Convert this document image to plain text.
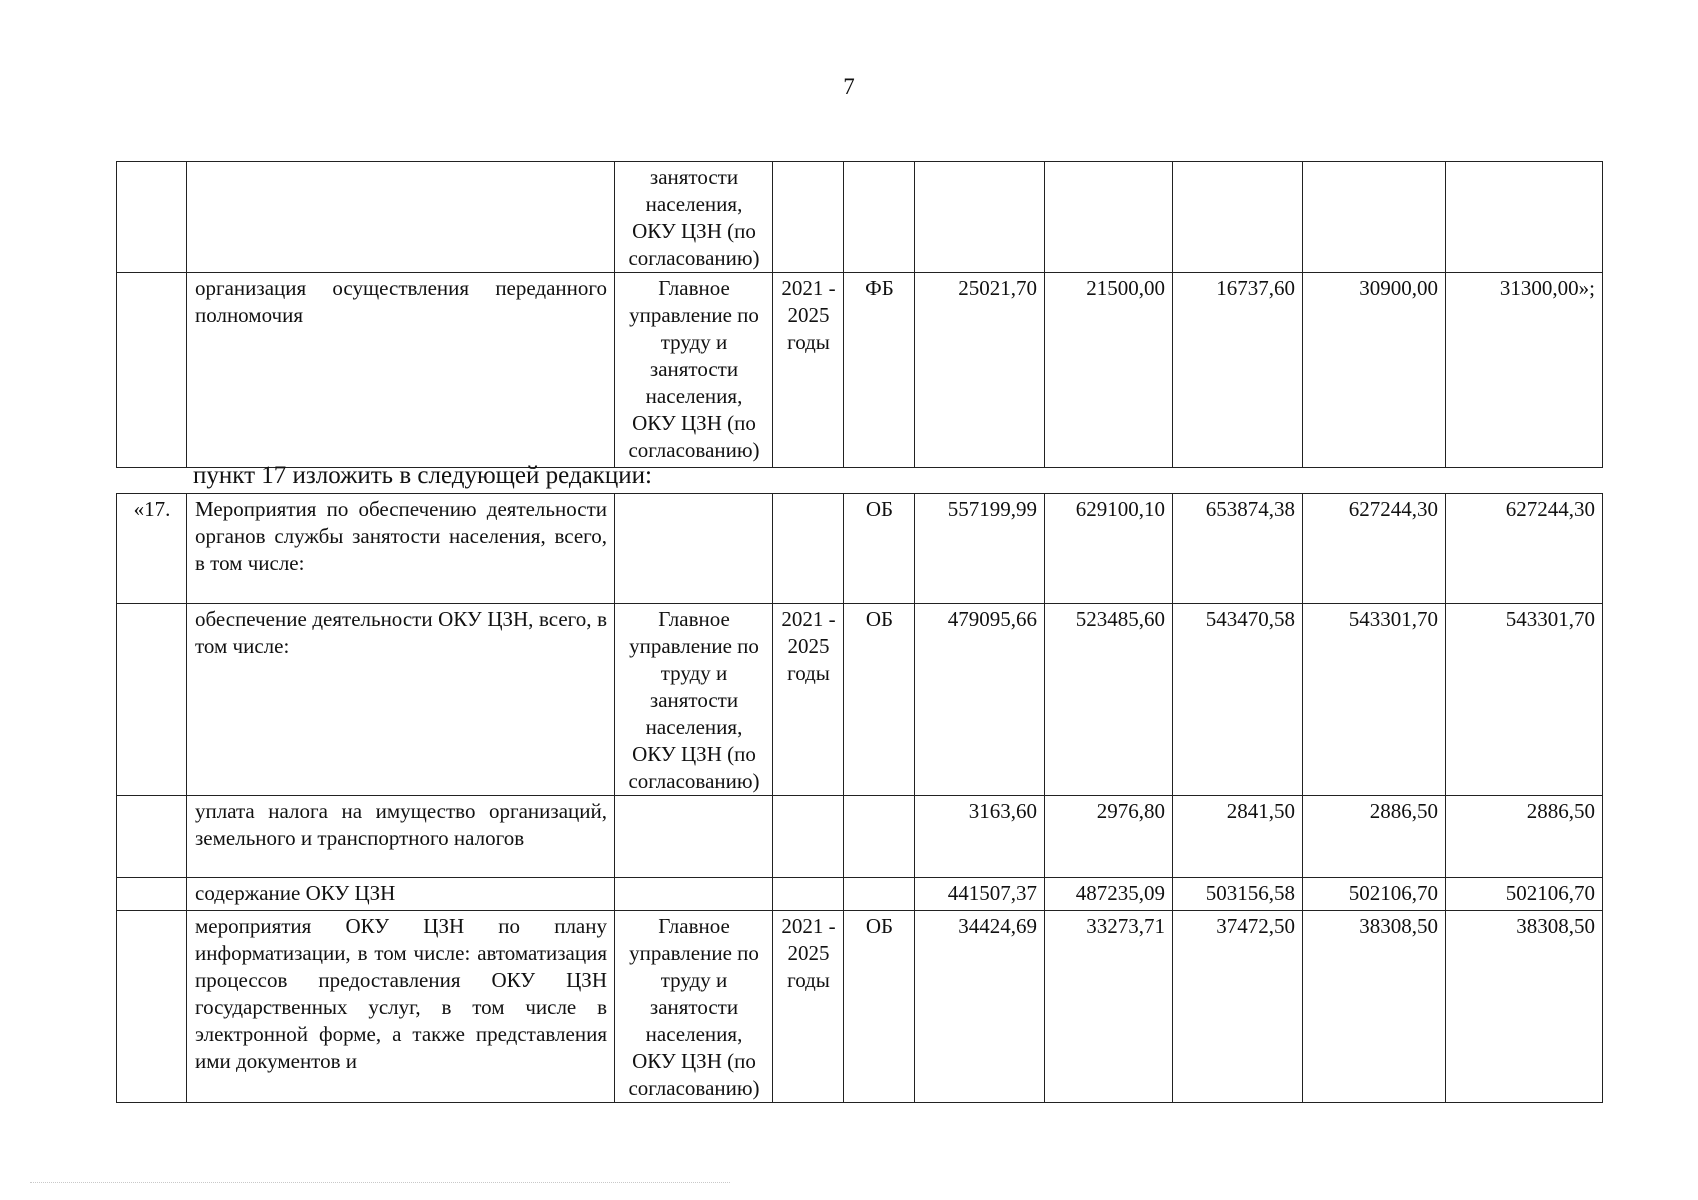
7
		занятости населения, ОКУ ЦЗН (по согласованию)							
	организация осуществления переданного полномочия	Главное управление по труду и занятости населения, ОКУ ЦЗН (по согласованию)	2021 - 2025 годы	ФБ	25021,70	21500,00	16737,60	30900,00	31300,00»;
пункт 17 изложить в следующей редакции:
«17.	Мероприятия по обеспечению деятельности органов службы занятости населения, всего, в том числе:			ОБ	557199,99	629100,10	653874,38	627244,30	627244,30
	обеспечение деятельности ОКУ ЦЗН, всего, в том числе:	Главное управление по труду и занятости населения, ОКУ ЦЗН (по согласованию)	2021 - 2025 годы	ОБ	479095,66	523485,60	543470,58	543301,70	543301,70
	уплата налога на имущество организаций, земельного и транспортного налогов				3163,60	2976,80	2841,50	2886,50	2886,50
	содержание ОКУ ЦЗН				441507,37	487235,09	503156,58	502106,70	502106,70
	мероприятия ОКУ ЦЗН по плану информатизации, в том числе: автоматизация процессов предоставления ОКУ ЦЗН государственных услуг, в том числе в электронной форме, а также представления ими документов и	Главное управление по труду и занятости населения, ОКУ ЦЗН (по согласованию)	2021 - 2025 годы	ОБ	34424,69	33273,71	37472,50	38308,50	38308,50
